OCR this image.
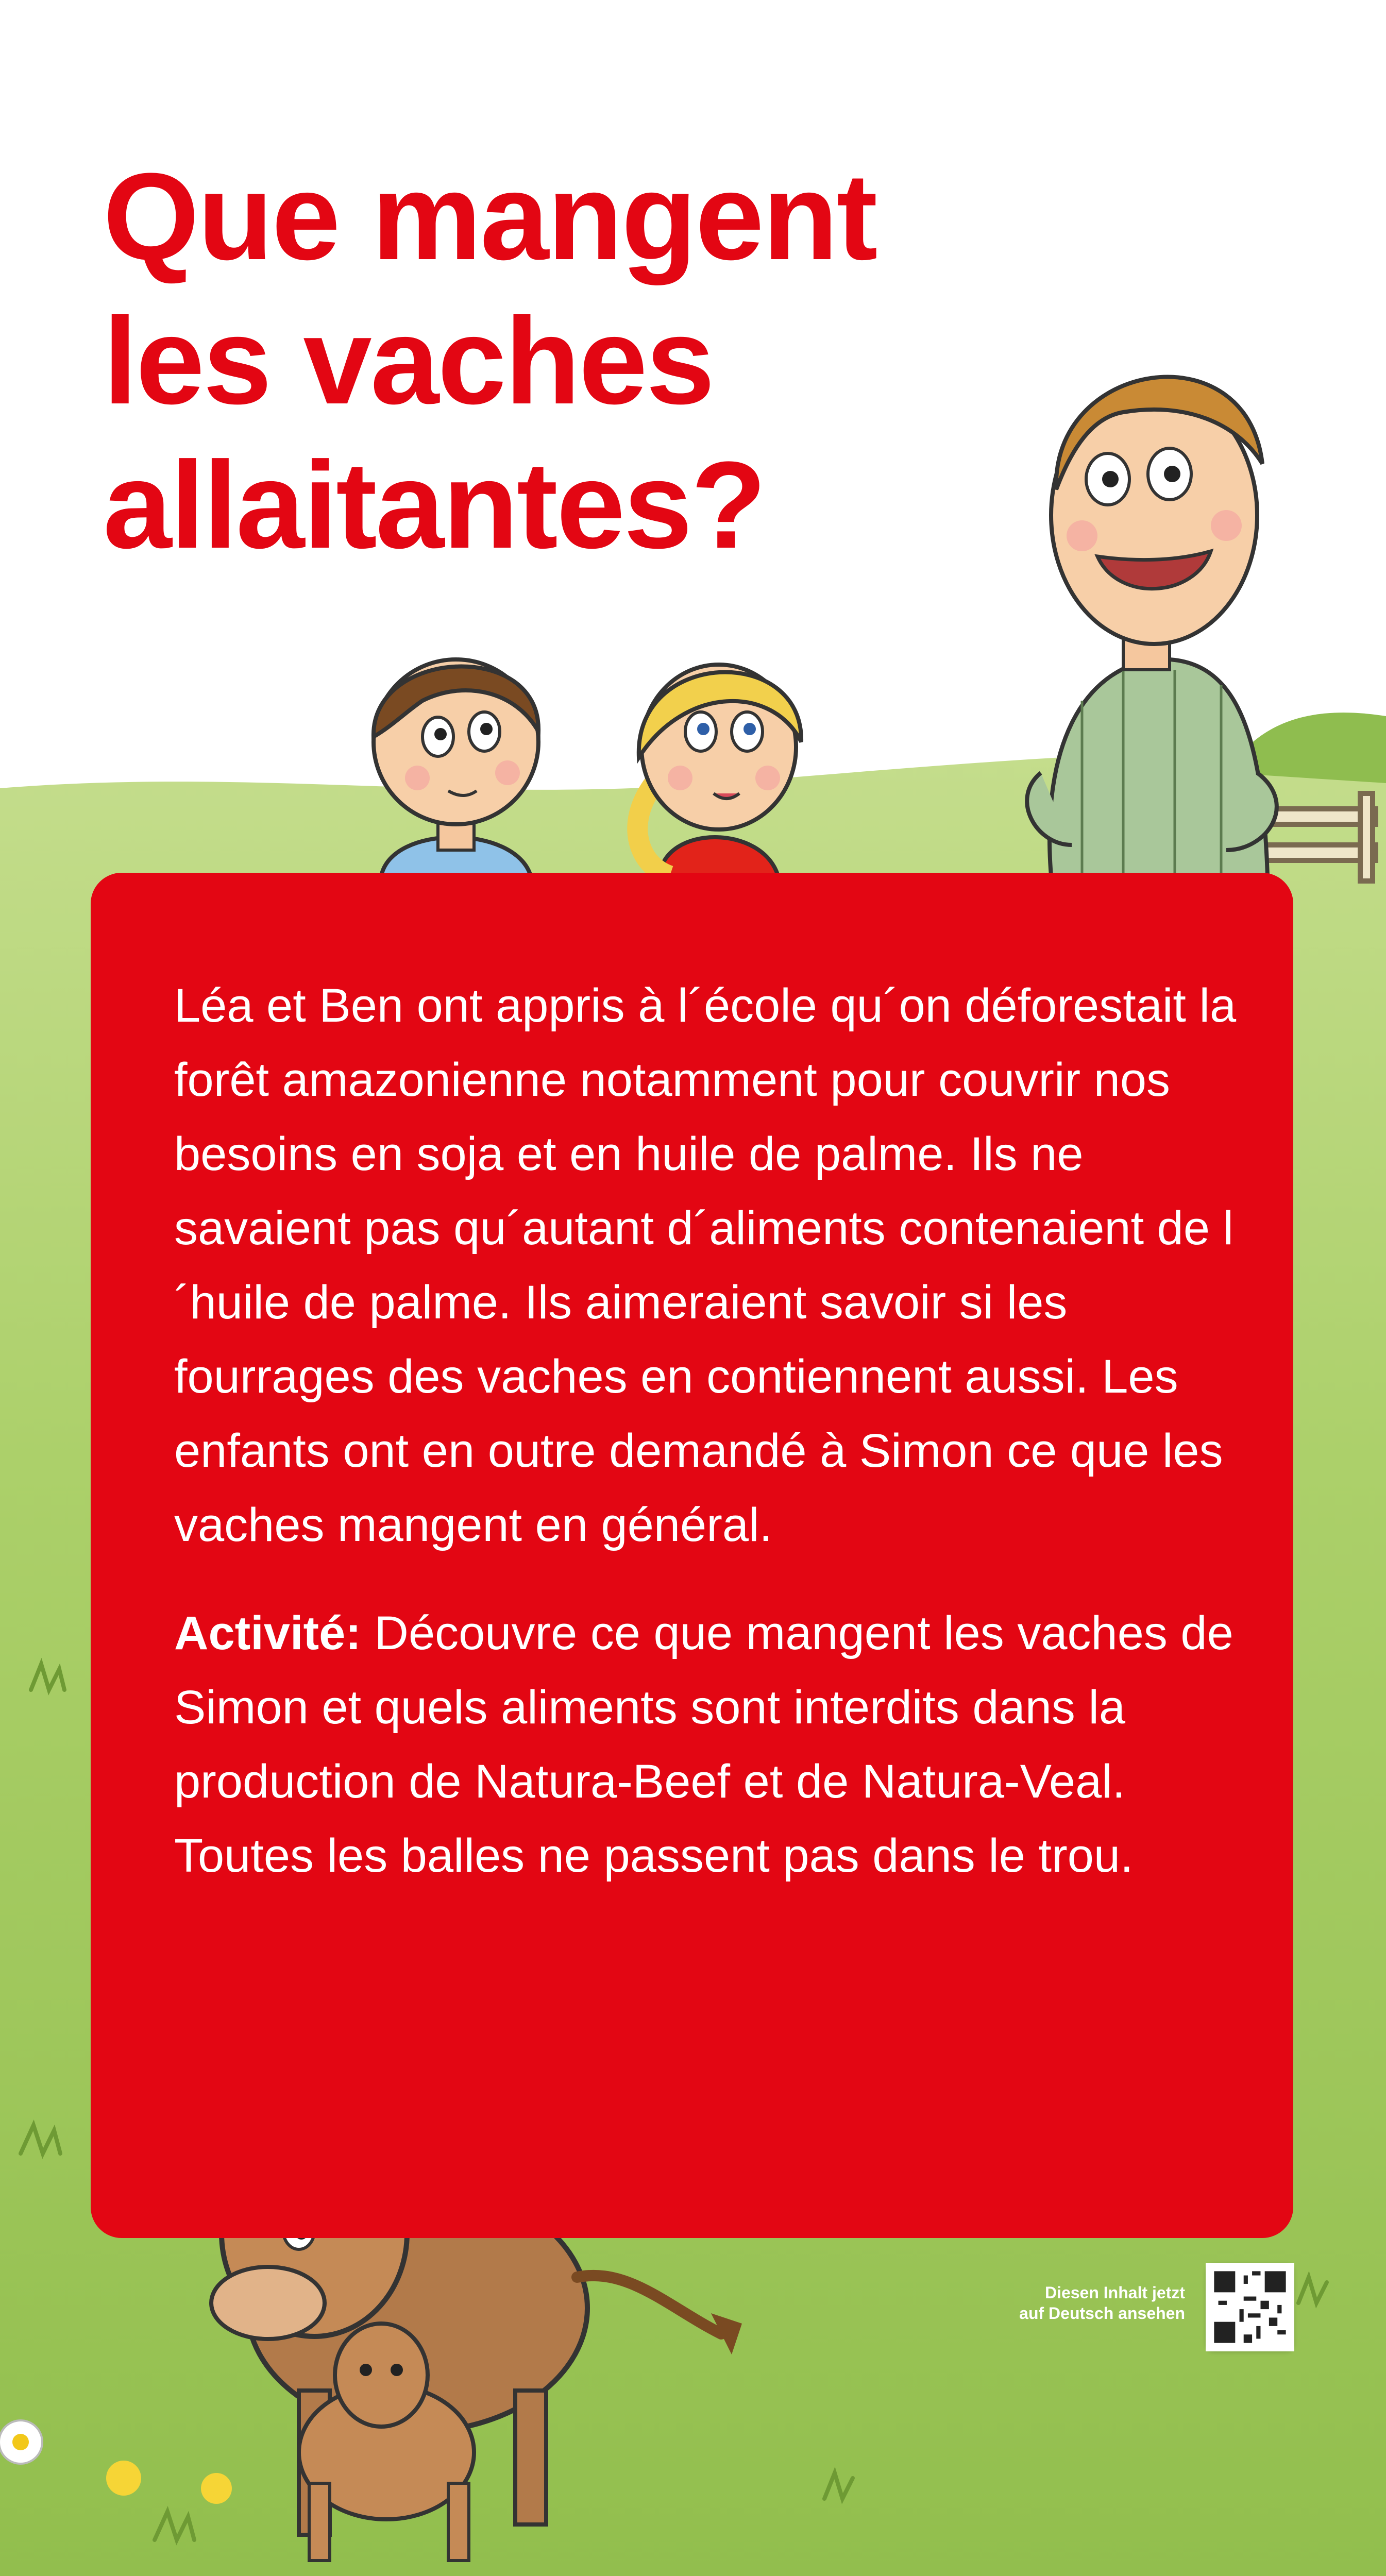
Que mangent
les vaches
allaitantes?

Léa et Ben ont appris à l´école qu´on déforestait la forêt amazonienne notamment pour couvrir nos besoins en soja et en huile de palme. Ils ne savaient pas qu´autant d´aliments contenaient de l´huile de palme. Ils aimeraient savoir si les fourrages des vaches en contiennent aussi. Les enfants ont en outre demandé à Simon ce que les vaches mangent en général.

Activité: Découvre ce que mangent les vaches de Simon et quels aliments sont interdits dans la production de Natura-Beef et de Natura-Veal. Toutes les balles ne passent pas dans le trou.

Diesen Inhalt jetzt
auf Deutsch ansehen
